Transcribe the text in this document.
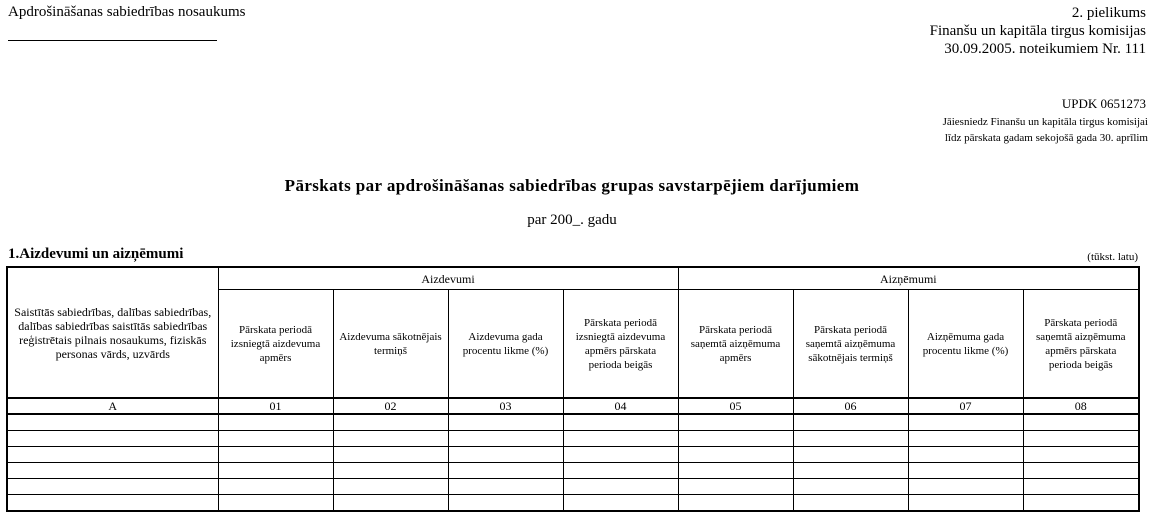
Apdrošināšanas sabiedrības nosaukums	2. pielikums
Finanšu un kapitāla tirgus komisijas
30.09.2005. noteikumiem Nr. 111
UPDK 0651273
Jāiesniedz Finanšu un kapitāla tirgus komisijai
līdz pārskata gadam sekojošā gada 30. aprīlim
Pārskats par apdrošināšanas sabiedrības grupas savstarpējiem darījumiem
par 200_. gadu
1.Aizdevumi un aizņēmumi	(tūkst. latu)
Saistītās sabiedrības, dalības sabiedrības, dalības sabiedrības saistītās sabiedrības reģistrētais pilnais nosaukums, fiziskās personas vārds, uzvārds	Aizdevumi				Aizņēmumi			
	Pārskata periodā izsniegtā aizdevuma apmērs	Aizdevuma sākotnējais termiņš	Aizdevuma gada procentu likme (%)	Pārskata periodā izsniegtā aizdevuma apmērs pārskata perioda beigās	Pārskata periodā saņemtā aizņēmuma apmērs	Pārskata periodā saņemtā aizņēmuma sākotnējais termiņš	Aizņēmuma gada procentu likme (%)	Pārskata periodā saņemtā aizņēmuma apmērs pārskata perioda beigās
A	01	02	03	04	05	06	07	08
